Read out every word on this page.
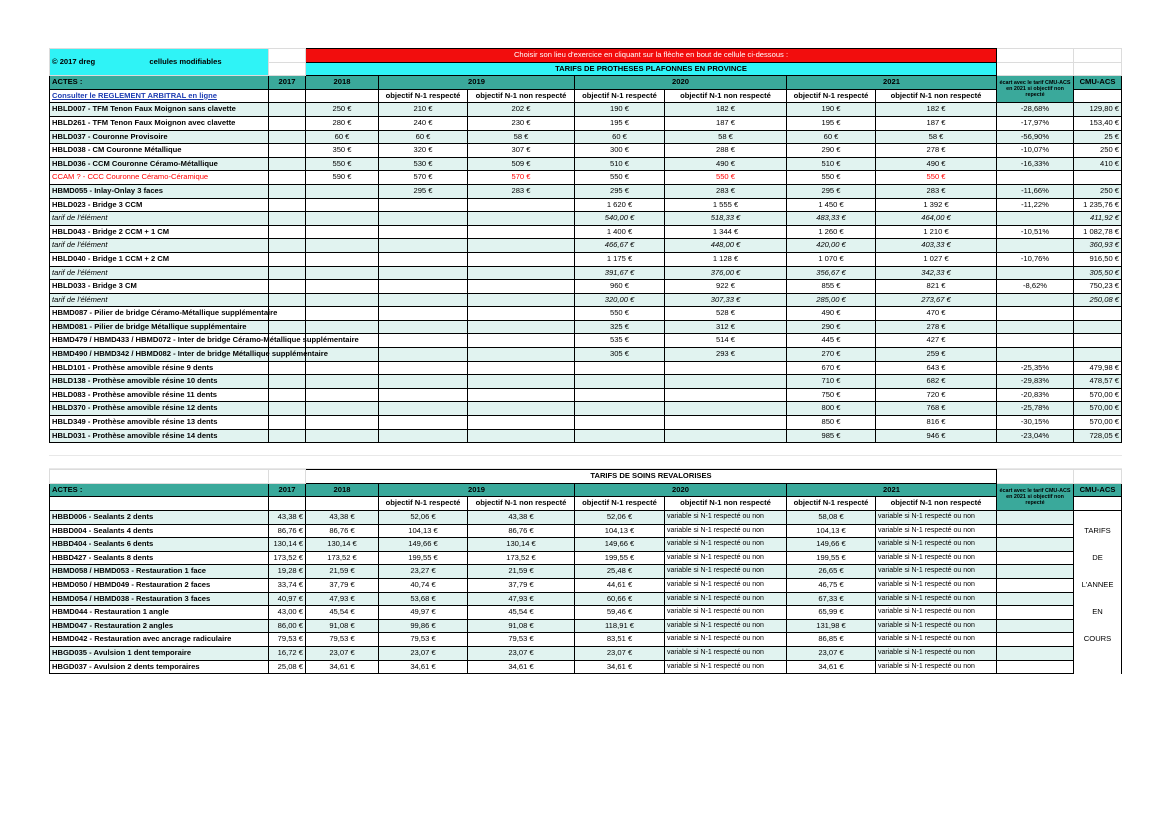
© 2017 dreg cellules modifiables		Choisir son lieu d'exercice en cliquant sur la flèche en bout de cellule ci-dessous :								
		TARIFS DE PROTHESES PLAFONNES EN PROVINCE								
ACTES :	2017	2018	2019		2020		2021		écart avec le tarif CMU-ACS en 2021 si objectif non repecté	CMU-ACS
Consulter le REGLEMENT ARBITRAL en ligne			objectif N-1 respecté	objectif N-1 non respecté	objectif N-1 respecté	objectif N-1 non respecté	objectif N-1 respecté	objectif N-1 non respecté		
HBLD007 - TFM Tenon Faux Moignon sans clavette		250 €	210 €	202 €	190 €	182 €	190 €	182 €	-28,68%	129,80 €
HBLD261 - TFM Tenon Faux Moignon avec clavette		280 €	240 €	230 €	195 €	187 €	195 €	187 €	-17,97%	153,40 €
HBLD037 - Couronne Provisoire		60 €	60 €	58 €	60 €	58 €	60 €	58 €	-56,90%	25 €
HBLD038 - CM Couronne Métallique		350 €	320 €	307 €	300 €	288 €	290 €	278 €	-10,07%	250 €
HBLD036 - CCM Couronne Céramo-Métallique		550 €	530 €	509 €	510 €	490 €	510 €	490 €	-16,33%	410 €
CCAM ? - CCC Couronne Céramo-Céramique		590 €	570 €	570 €	550 €	550 €	550 €	550 €		
HBMD055 - Inlay-Onlay 3 faces			295 €	283 €	295 €	283 €	295 €	283 €	-11,66%	250 €
HBLD023 - Bridge 3 CCM					1 620 €	1 555 €	1 450 €	1 392 €	-11,22%	1 235,76 €
tarif de l'élément					540,00 €	518,33 €	483,33 €	464,00 €		411,92 €
HBLD043 - Bridge 2 CCM + 1 CM					1 400 €	1 344 €	1 260 €	1 210 €	-10,51%	1 082,78 €
tarif de l'élément					466,67 €	448,00 €	420,00 €	403,33 €		360,93 €
HBLD040 - Bridge 1 CCM + 2 CM					1 175 €	1 128 €	1 070 €	1 027 €	-10,76%	916,50 €
tarif de l'élément					391,67 €	376,00 €	356,67 €	342,33 €		305,50 €
HBLD033 - Bridge 3 CM					960 €	922 €	855 €	821 €	-8,62%	750,23 €
tarif de l'élément					320,00 €	307,33 €	285,00 €	273,67 €		250,08 €
HBMD087 - Pilier de bridge Céramo-Métallique supplémentaire					550 €	528 €	490 €	470 €		
HBMD081 - Pilier de bridge Métallique supplémentaire					325 €	312 €	290 €	278 €		
HBMD479 / HBMD433 / HBMD072 - Inter de bridge Céramo-Métallique supplémentaire					535 €	514 €	445 €	427 €		
HBMD490 / HBMD342 / HBMD082 - Inter de bridge Métallique supplémentaire					305 €	293 €	270 €	259 €		
HBLD101 - Prothèse amovible résine 9 dents							670 €	643 €	-25,35%	479,98 €
HBLD138 - Prothèse amovible résine 10 dents							710 €	682 €	-29,83%	478,57 €
HBLD083 - Prothèse amovible résine 11 dents							750 €	720 €	-20,83%	570,00 €
HBLD370 - Prothèse amovible résine 12 dents							800 €	768 €	-25,78%	570,00 €
HBLD349 - Prothèse amovible résine 13 dents							850 €	816 €	-30,15%	570,00 €
HBLD031 - Prothèse amovible résine 14 dents							985 €	946 €	-23,04%	728,05 €

		TARIFS DE SOINS REVALORISES								
ACTES :	2017	2018	2019		2020		2021		écart avec le tarif CMU-ACS en 2021 si objectif non repecté	CMU-ACS
			objectif N-1 respecté	objectif N-1 non respecté	objectif N-1 respecté	objectif N-1 non respecté	objectif N-1 respecté	objectif N-1 non respecté		
HBBD006 - Sealants 2 dents	43,38 €	43,38 €	52,06 €	43,38 €	52,06 €	variable si N-1 respecté ou non	58,08 €	variable si N-1 respecté ou non		
HBBD004 - Sealants 4 dents	86,76 €	86,76 €	104,13 €	86,76 €	104,13 €	variable si N-1 respecté ou non	104,13 €	variable si N-1 respecté ou non		TARIFS
HBBD404 - Sealants 6 dents	130,14 €	130,14 €	149,66 €	130,14 €	149,66 €	variable si N-1 respecté ou non	149,66 €	variable si N-1 respecté ou non		
HBBD427 - Sealants 8 dents	173,52 €	173,52 €	199,55 €	173,52 €	199,55 €	variable si N-1 respecté ou non	199,55 €	variable si N-1 respecté ou non		DE
HBMD058 / HBMD053 - Restauration 1 face	19,28 €	21,59 €	23,27 €	21,59 €	25,48 €	variable si N-1 respecté ou non	26,65 €	variable si N-1 respecté ou non		
HBMD050 / HBMD049 - Restauration 2 faces	33,74 €	37,79 €	40,74 €	37,79 €	44,61 €	variable si N-1 respecté ou non	46,75 €	variable si N-1 respecté ou non		L'ANNEE
HBMD054 / HBMD038 - Restauration 3 faces	40,97 €	47,93 €	53,68 €	47,93 €	60,66 €	variable si N-1 respecté ou non	67,33 €	variable si N-1 respecté ou non		
HBMD044 - Restauration 1 angle	43,00 €	45,54 €	49,97 €	45,54 €	59,46 €	variable si N-1 respecté ou non	65,99 €	variable si N-1 respecté ou non		EN
HBMD047 - Restauration 2 angles	86,00 €	91,08 €	99,86 €	91,08 €	118,91 €	variable si N-1 respecté ou non	131,98 €	variable si N-1 respecté ou non		
HBMD042 - Restauration avec ancrage radiculaire	79,53 €	79,53 €	79,53 €	79,53 €	83,51 €	variable si N-1 respecté ou non	86,85 €	variable si N-1 respecté ou non		COURS
HBGD035 - Avulsion 1 dent temporaire	16,72 €	23,07 €	23,07 €	23,07 €	23,07 €	variable si N-1 respecté ou non	23,07 €	variable si N-1 respecté ou non		
HBGD037 - Avulsion 2 dents temporaires	25,08 €	34,61 €	34,61 €	34,61 €	34,61 €	variable si N-1 respecté ou non	34,61 €	variable si N-1 respecté ou non		
